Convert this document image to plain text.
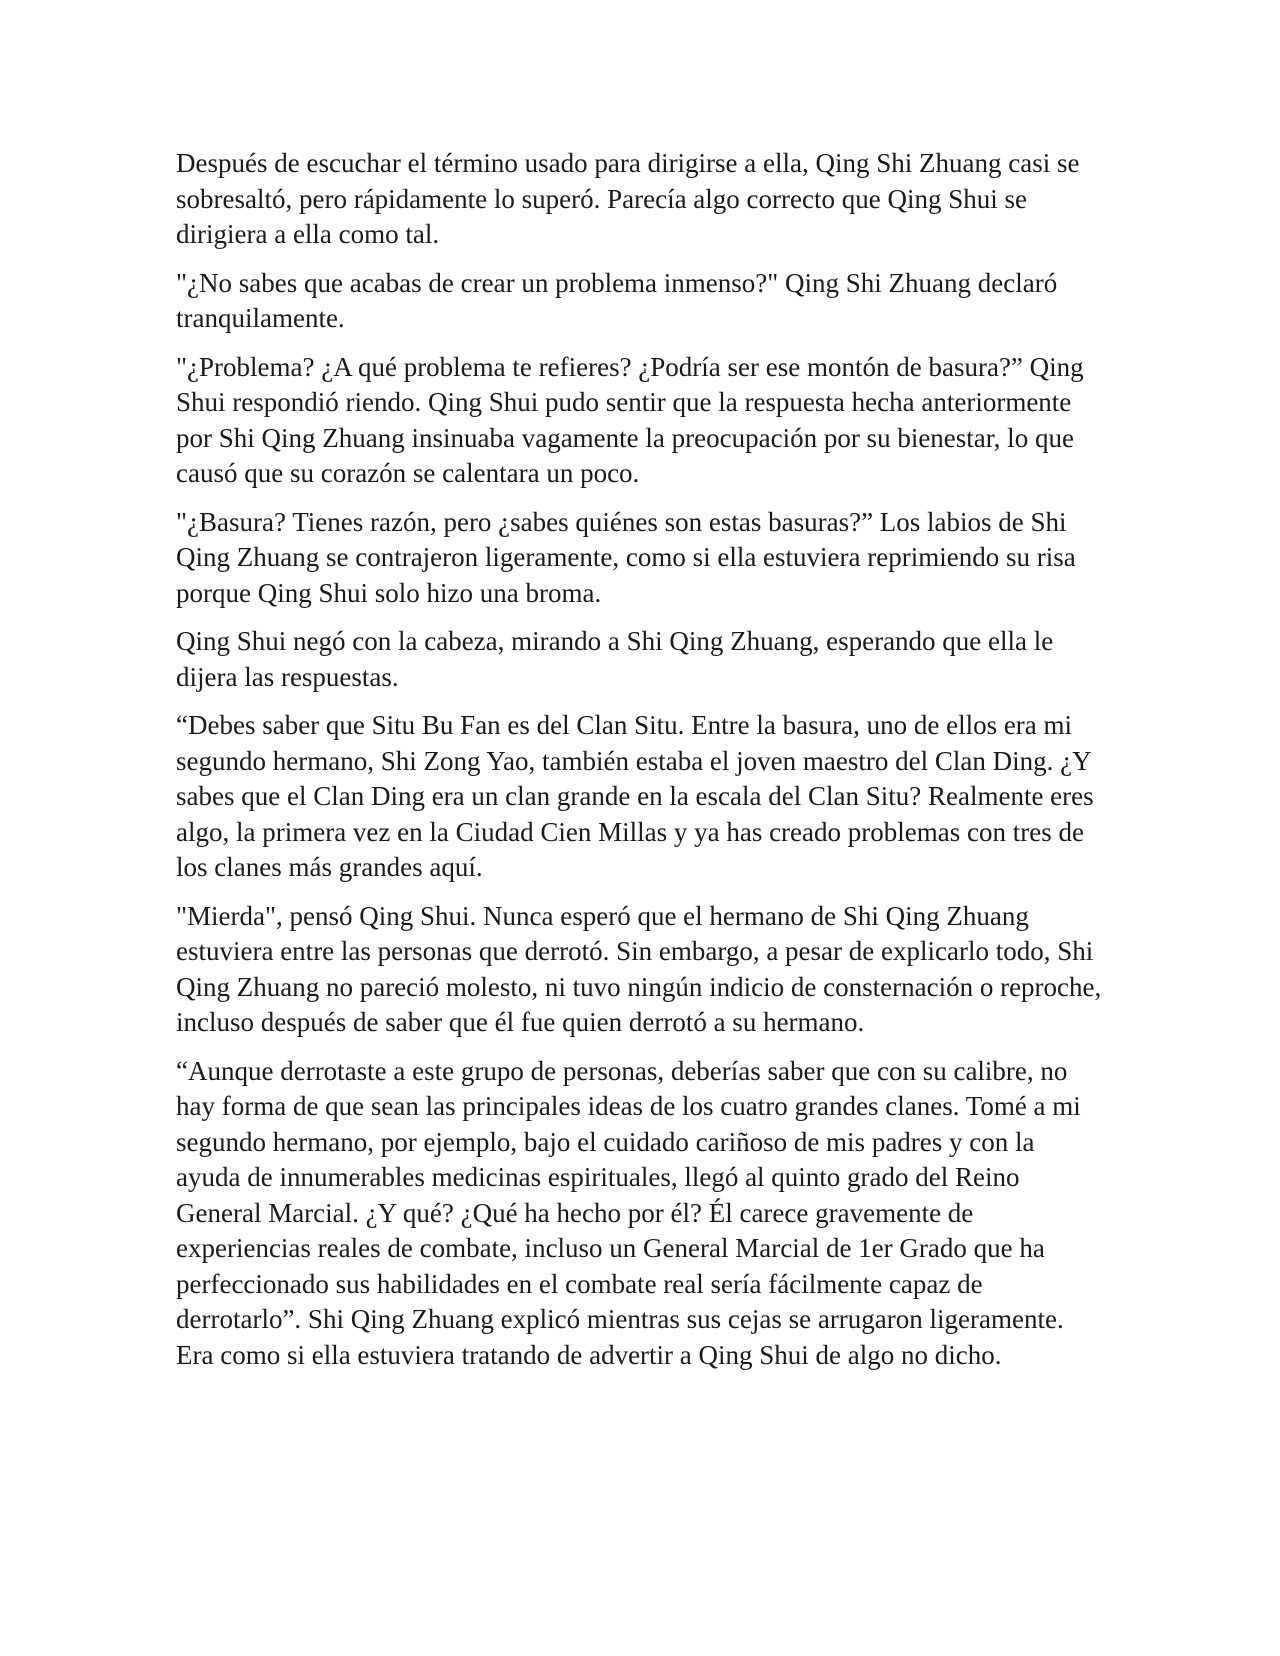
Después de escuchar el término usado para dirigirse a ella, Qing Shi Zhuang casi se sobresaltó, pero rápidamente lo superó. Parecía algo correcto que Qing Shui se dirigiera a ella como tal.

"¿No sabes que acabas de crear un problema inmenso?" Qing Shi Zhuang declaró tranquilamente.

"¿Problema? ¿A qué problema te refieres? ¿Podría ser ese montón de basura?” Qing Shui respondió riendo. Qing Shui pudo sentir que la respuesta hecha anteriormente por Shi Qing Zhuang insinuaba vagamente la preocupación por su bienestar, lo que causó que su corazón se calentara un poco.

"¿Basura? Tienes razón, pero ¿sabes quiénes son estas basuras?” Los labios de Shi Qing Zhuang se contrajeron ligeramente, como si ella estuviera reprimiendo su risa porque Qing Shui solo hizo una broma.

Qing Shui negó con la cabeza, mirando a Shi Qing Zhuang, esperando que ella le dijera las respuestas.

“Debes saber que Situ Bu Fan es del Clan Situ. Entre la basura, uno de ellos era mi segundo hermano, Shi Zong Yao, también estaba el joven maestro del Clan Ding. ¿Y sabes que el Clan Ding era un clan grande en la escala del Clan Situ? Realmente eres algo, la primera vez en la Ciudad Cien Millas y ya has creado problemas con tres de los clanes más grandes aquí.

"Mierda", pensó Qing Shui. Nunca esperó que el hermano de Shi Qing Zhuang estuviera entre las personas que derrotó. Sin embargo, a pesar de explicarlo todo, Shi Qing Zhuang no pareció molesto, ni tuvo ningún indicio de consternación o reproche, incluso después de saber que él fue quien derrotó a su hermano.

“Aunque derrotaste a este grupo de personas, deberías saber que con su calibre, no hay forma de que sean las principales ideas de los cuatro grandes clanes. Tomé a mi segundo hermano, por ejemplo, bajo el cuidado cariñoso de mis padres y con la ayuda de innumerables medicinas espirituales, llegó al quinto grado del Reino General Marcial. ¿Y qué? ¿Qué ha hecho por él? Él carece gravemente de experiencias reales de combate, incluso un General Marcial de 1er Grado que ha perfeccionado sus habilidades en el combate real sería fácilmente capaz de derrotarlo”. Shi Qing Zhuang explicó mientras sus cejas se arrugaron ligeramente. Era como si ella estuviera tratando de advertir a Qing Shui de algo no dicho.
